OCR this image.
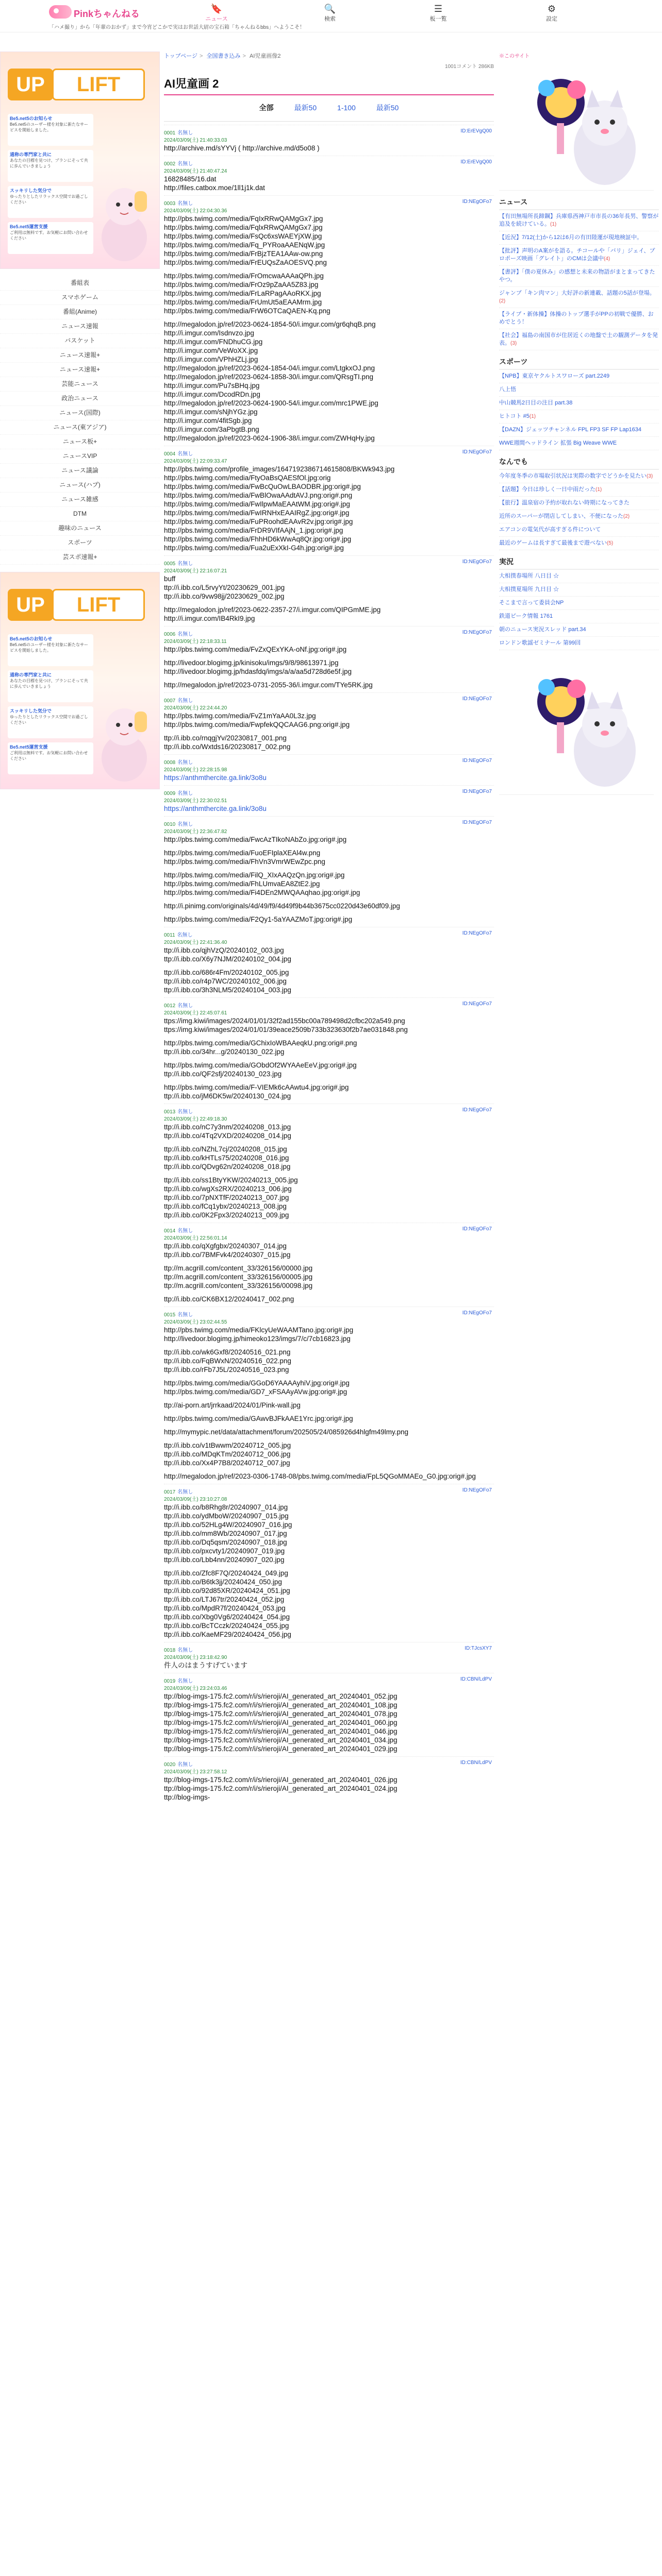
Pinkちゃんねる
「ハメ撮り」から「年輩のおかず」まで今宵どこかで実はお世話大尉の宝石箱「ちゃんねるbbs」へようこそ！
🔖
ニュース
🔍
検索
☰
板一覧
⚙
設定
UP	LIFT
Be5.net5のお知らせ
Be5.net5のユーザー様を対象に新たなサービスを開始しました。
通称の専門家と共に
あなたの目標を見つけ、プランにそって共に歩んでいきましょう
スッキリした気分で
ゆったりとしたリラックス空間でお過ごしください
Be5.net5運営支援
ご利用は無料です。お気軽にお問い合わせください
番組表
スマホゲーム
番組(Anime)
ニュース速報
バスケット
ニュース速報+
ニュース速報+
芸能ニュース
政治ニュース
ニュース(国際)
ニュース(東アジア)
ニュース板+
ニュースVIP
ニュース議論
ニュース(ハプ)
ニュース雑感
DTM
趣味のニュース
スポーツ
芸スポ速報+
UP	LIFT
Be5.net5のお知らせ
Be5.net5のユーザー様を対象に新たなサービスを開始しました。
通称の専門家と共に
あなたの目標を見つけ、プランにそって共に歩んでいきましょう
スッキリした気分で
ゆったりとしたリラックス空間でお過ごしください
Be5.net5運営支援
ご利用は無料です。お気軽にお問い合わせください
トップページ > 全国書き込み > AI児童画像2
1001コメント 286KB
AI児童画 2
全部	最新50	1-100	最新50
0001 名無し	ID:ErEVgQ00
2024/03/09(土) 21:40:33.03
http://archive.md/sYYVj ( http://archive.md/d5o08 )
0002 名無し	ID:ErEVgQ00
2024/03/09(土) 21:40:47.24
16828485/16.dat
http://files.catbox.moe/1ll1j1k.dat
0003 名無し	ID:NEgOFo7
2024/03/09(土) 22:04:30.36
http://pbs.twimg.com/media/FqIxRRwQAMgGx7.jpg
http://pbs.twimg.com/media/FqlxRRwQAMgGx7.jpg
http://pbs.twimg.com/media/FsQc6xsWAEYjXW.jpg
http://pbs.twimg.com/media/Fq_PYRoaAAENqW.jpg
http://pbs.twimg.com/media/FrBjzTEA1AAw-ow.png
http://pbs.twimg.com/media/FrEUQsZaAOESVQ.png
http://pbs.twimg.com/media/FrOmcwaAAAaQPh.jpg
http://pbs.twimg.com/media/FrOz9pZaAA5Z83.jpg
http://pbs.twimg.com/media/FrLaRPagAAoRKX.jpg
http://pbs.twimg.com/media/FrUmUt5aEAAMrm.jpg
http://pbs.twimg.com/media/FrW6OTCaQAEN-Kq.png
http://megalodon.jp/ref/2023-0624-1854-50/i.imgur.com/gr6qhqB.png
http://i.imgur.com/Isdnvzo.jpg
http://i.imgur.com/FNDhuCG.jpg
http://i.imgur.com/VeWoXX.jpg
http://i.imgur.com/VPhHZLj.jpg
http://megalodon.jp/ref/2023-0624-1854-04/i.imgur.com/LtgkxOJ.png
http://megalodon.jp/ref/2023-0624-1858-30/i.imgur.com/QRsgTI.png
http://i.imgur.com/Pu7sBHq.jpg
http://i.imgur.com/DcodRDn.jpg
http://megalodon.jp/ref/2023-0624-1900-54/i.imgur.com/mrc1PWE.jpg
http://i.imgur.com/sNjhYGz.jpg
http://i.imgur.com/4fitSgb.jpg
http://i.imgur.com/3aPbgtB.png
http://megalodon.jp/ref/2023-0624-1906-38/i.imgur.com/ZWHqHy.jpg
0004 名無し	ID:NEgOFo7
2024/03/09(土) 22:09:33.47
http://pbs.twimg.com/profile_images/1647192386714615808/BKWk943.jpg
http://pbs.twimg.com/media/FtyOaBsQAESfOl.jpg:orig
http://pbs.twimg.com/media/FwBcQuOwLBAODBR.jpg:orig#.jpg
http://pbs.twimg.com/media/FwBlOwaAAdtAVJ.png:orig#.png
http://pbs.twimg.com/media/FwIlpwMaEAAtWM.jpg:orig#.jpg
http://pbs.twimg.com/media/FwIRNHxEAAIRgZ.jpg:orig#.jpg
http://pbs.twimg.com/media/FuPRoohdEAAvR2v.jpg:orig#.jpg
http://pbs.twimg.com/media/FrDR9VIfAAjN_1.jpg:orig#.jpg
http://pbs.twimg.com/media/FhhHD6kWwAq8Qr.jpg:orig#.jpg
http://pbs.twimg.com/media/Fua2uExXkI-G4h.jpg:orig#.jpg
0005 名無し	ID:NEgOFo7
2024/03/09(土) 22:16:07.21
buff
ttp://i.ibb.co/L5rvyYt/20230629_001.jpg
ttp://i.ibb.co/9vw98jj/20230629_002.jpg
http://megalodon.jp/ref/2023-0622-2357-27/i.imgur.com/QIPGmME.jpg
http://i.imgur.com/IB4RkI9.jpg
0006 名無し	ID:NEgOFo7
2024/03/09(土) 22:18:33.11
http://pbs.twimg.com/media/FvZxQExYKA-oNf.jpg:orig#.jpg
http://livedoor.blogimg.jp/kinisoku/imgs/9/8/98613971.jpg
http://livedoor.blogimg.jp/hdasfdq/imgs/a/a/aa5d728d6e5f.jpg
http://megalodon.jp/ref/2023-0731-2055-36/i.imgur.com/TYe5RK.jpg
0007 名無し	ID:NEgOFo7
2024/03/09(土) 22:24:44.20
http://pbs.twimg.com/media/FvZ1mYaAA0L3z.jpg
http://pbs.twimg.com/media/FwpfekQQCAAG6.png:orig#.jpg
ttp://i.ibb.co/rnqgjYv/20230817_001.png
ttp://i.ibb.co/Wxtds16/20230817_002.png
0008 名無し	ID:NEgOFo7
2024/03/09(土) 22:28:15.98
https://anthmthercite.ga.link/3o8u
0009 名無し	ID:NEgOFo7
2024/03/09(土) 22:30:02.51
https://anthmthercite.ga.link/3o8u
0010 名無し	ID:NEgOFo7
2024/03/09(土) 22:36:47.82
http://pbs.twimg.com/media/FwcAzTIkoNAbZo.jpg:orig#.jpg
http://pbs.twimg.com/media/FuoEFIplaXEAl4w.png
http://pbs.twimg.com/media/FhVn3VmrWEwZpc.png
http://pbs.twimg.com/media/FilQ_XIxAAQzQn.jpg:orig#.jpg
http://pbs.twimg.com/media/FhLUmvaEA8ZtE2.jpg
http://pbs.twimg.com/media/Fi4DEn2MWQAAqhao.jpg:orig#.jpg
http://i.pinimg.com/originals/4d/49/f9/4d49f9b44b3675cc0220d43e60df09.jpg
http://pbs.twimg.com/media/F2Qy1-5aYAAZMoT.jpg:orig#.jpg
0011 名無し	ID:NEgOFo7
2024/03/09(土) 22:41:36.40
ttp://i.ibb.co/qjhVzQ/20240102_003.jpg
ttp://i.ibb.co/X6y7NJM/20240102_004.jpg
ttp://i.ibb.co/686r4Fm/20240102_005.jpg
ttp://i.ibb.co/r4p7WC/20240102_006.jpg
ttp://i.ibb.co/3h3NLM5/20240104_003.jpg
0012 名無し	ID:NEgOFo7
2024/03/09(土) 22:45:07.61
ttps://img.kiwi/images/2024/01/01/32f2ad155bc00a789498d2cfbc202a549.png
ttps://img.kiwi/images/2024/01/01/39eace2509b733b323630f2b7ae031848.png
http://pbs.twimg.com/media/GChixIoWBAAeqkU.png:orig#.png
ttp://i.ibb.co/34hr...g/20240130_022.jpg
http://pbs.twimg.com/media/GObdOf2WYAAeEeV.jpg:orig#.jpg
ttp://i.ibb.co/QF2sfj/20240130_023.jpg
http://pbs.twimg.com/media/F-VIEMk6cAAwtu4.jpg:orig#.jpg
ttp://i.ibb.co/jM6DK5w/20240130_024.jpg
0013 名無し	ID:NEgOFo7
2024/03/09(土) 22:49:18.30
ttp://i.ibb.co/nC7y3nm/20240208_013.jpg
ttp://i.ibb.co/4Tq2VXD/20240208_014.jpg
ttp://i.ibb.co/NZhL7cj/20240208_015.jpg
ttp://i.ibb.co/kHTLs75/20240208_016.jpg
ttp://i.ibb.co/QDvg62n/20240208_018.jpg
ttp://i.ibb.co/ss1BtyYKW/20240213_005.jpg
ttp://i.ibb.co/wgXs2RX/20240213_006.jpg
ttp://i.ibb.co/7pNXTfF/20240213_007.jpg
ttp://i.ibb.co/fCq1ybx/20240213_008.jpg
ttp://i.ibb.co/0K2Fpx3/20240213_009.jpg
0014 名無し	ID:NEgOFo7
2024/03/09(土) 22:56:01.14
ttp://i.ibb.co/qXgfgbx/20240307_014.jpg
ttp://i.ibb.co/7BMFvk4/20240307_015.jpg
ttp://m.acgrill.com/content_33/326156/00000.jpg
ttp://m.acgrill.com/content_33/326156/00005.jpg
ttp://m.acgrill.com/content_33/326156/00098.jpg
ttp://i.ibb.co/CK6BX12/20240417_002.png
0015 名無し	ID:NEgOFo7
2024/03/09(土) 23:02:44.55
http://pbs.twimg.com/media/FKlcyUeWAAMTano.jpg:orig#.jpg
http://livedoor.blogimg.jp/himeoko123/imgs/7/c/7cb16823.jpg
ttp://i.ibb.co/wk6Gxf8/20240516_021.png
ttp://i.ibb.co/FqBWxN/20240516_022.png
ttp://i.ibb.co/rFb7J5L/20240516_023.png
http://pbs.twimg.com/media/GGoD6YAAAAyhiV.jpg:orig#.jpg
http://pbs.twimg.com/media/GD7_xFSAAyAVw.jpg:orig#.jpg
ttp://ai-porn.art/jrrkaad/2024/01/Pink-wall.jpg
http://pbs.twimg.com/media/GAwvBJFkAAE1Yrc.jpg:orig#.jpg
http://mymypic.net/data/attachment/forum/202505/24/085926d4hlgfm49lmy.png
ttp://i.ibb.co/v1tBwwm/20240712_005.jpg
ttp://i.ibb.co/MDqKTm/20240712_006.jpg
ttp://i.ibb.co/Xx4P7B8/20240712_007.jpg
http://megalodon.jp/ref/2023-0306-1748-08/pbs.twimg.com/media/FpL5QGoMMAEo_G0.jpg:orig#.jpg
0017 名無し	ID:NEgOFo7
2024/03/09(土) 23:10:27.08
ttp://i.ibb.co/b8Rhg8r/20240907_014.jpg
ttp://i.ibb.co/ydMboW/20240907_015.jpg
ttp://i.ibb.co/52HLg4W/20240907_016.jpg
ttp://i.ibb.co/mm8Wb/20240907_017.jpg
ttp://i.ibb.co/Dq5qsm/20240907_018.jpg
ttp://i.ibb.co/pxcvty1/20240907_019.jpg
ttp://i.ibb.co/Lbb4nn/20240907_020.jpg
ttp://i.ibb.co/Zfc8F7Q/20240424_049.jpg
ttp://i.ibb.co/B6tk3jj/20240424_050.jpg
ttp://i.ibb.co/92d85XR/20240424_051.jpg
ttp://i.ibb.co/LTJ67tr/20240424_052.jpg
ttp://i.ibb.co/MpdR7f/20240424_053.jpg
ttp://i.ibb.co/Xbg0Vg6/20240424_054.jpg
ttp://i.ibb.co/BcTCczk/20240424_055.jpg
ttp://i.ibb.co/KaeMF29/20240424_056.jpg
0018 名無し	ID:TJcsXY7
2024/03/09(土) 23:18:42.90
件人のはまうすげています
0019 名無し	ID:CBN/LdPV
2024/03/09(土) 23:24:03.46
ttp://blog-imgs-175.fc2.com/r/i/s/rieroji/AI_generated_art_20240401_052.jpg
ttp://blog-imgs-175.fc2.com/r/i/s/rieroji/AI_generated_art_20240401_108.jpg
ttp://blog-imgs-175.fc2.com/r/i/s/rieroji/AI_generated_art_20240401_078.jpg
ttp://blog-imgs-175.fc2.com/r/i/s/rieroji/AI_generated_art_20240401_060.jpg
ttp://blog-imgs-175.fc2.com/r/i/s/rieroji/AI_generated_art_20240401_046.jpg
ttp://blog-imgs-175.fc2.com/r/i/s/rieroji/AI_generated_art_20240401_034.jpg
ttp://blog-imgs-175.fc2.com/r/i/s/rieroji/AI_generated_art_20240401_029.jpg
0020 名無し	ID:CBN/LdPV
2024/03/09(土) 23:27:58.12
ttp://blog-imgs-175.fc2.com/r/i/s/rieroji/AI_generated_art_20240401_026.jpg
ttp://blog-imgs-175.fc2.com/r/i/s/rieroji/AI_generated_art_20240401_024.jpg
ttp://blog-imgs-
※このサイト
ニュース
【有田無場所長蹄鋼】兵庫県西神戸市市長の36年長男、警察が追及を続けている。(1)
【近況】7/12(土)から12は6月の有田陸運が現地検証中。
【批評】声明のA案がを語る。チコールや「バリ」ジェイ、プロポーズ映画「グレイト」のCMは会議中(4)
【書評】「僕の夏休み」の感想と未来の物語がまとまってきたやつ。
ジャンプ「キン肉マン」大好評の新連載、話題の5話が登場。(2)
【ライブ・新体操】体操のトップ選手がPPの初戦で優勝、おめでとう！
【社会】福島の南国市が住居近くの地盤で土の観測データを発表。(3)
スポーツ
【NPB】東京ヤクルトスワローズ part.2249
八上悟
中山競馬2日目の注目 part.38
ヒトコト #5(1)
【DAZN】ジェッツチャンネル FPL FP3 SF FP Lap1634
WWE週間ヘッドライン 拡張 Big Weave WWE
なんでも
今年度冬季の市場取引状況は実際の数字でどうかを見たい(3)
【話題】今日は珍しく一日中雨だった(1)
【旅行】温泉宿の予約が取れない時期になってきた
近所のスーパーが閉店してしまい、不便になった(2)
エアコンの電気代が高すぎる件について
最近のゲームは長すぎて最後まで遊べない(5)
実況
大相撲春場所 八日目 ☆
大相撲夏場所 九日目 ☆
そこまで言って委員会NP
鉄道ピーク情報 1761
朝のニュース実況スレッド part.34
ロンドン歌謡ゼミナール 第99回
